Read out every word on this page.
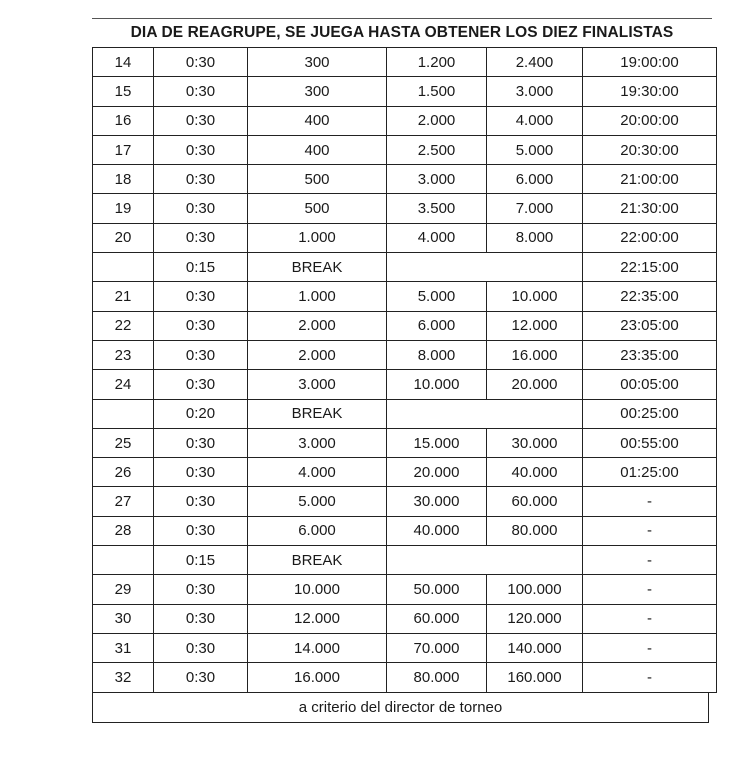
DIA DE REAGRUPE, SE JUEGA HASTA OBTENER LOS DIEZ FINALISTAS
14	0:30	300	1.200	2.400	19:00:00
15	0:30	300	1.500	3.000	19:30:00
16	0:30	400	2.000	4.000	20:00:00
17	0:30	400	2.500	5.000	20:30:00
18	0:30	500	3.000	6.000	21:00:00
19	0:30	500	3.500	7.000	21:30:00
20	0:30	1.000	4.000	8.000	22:00:00
	0:15	BREAK			22:15:00
21	0:30	1.000	5.000	10.000	22:35:00
22	0:30	2.000	6.000	12.000	23:05:00
23	0:30	2.000	8.000	16.000	23:35:00
24	0:30	3.000	10.000	20.000	00:05:00
	0:20	BREAK			00:25:00
25	0:30	3.000	15.000	30.000	00:55:00
26	0:30	4.000	20.000	40.000	01:25:00
27	0:30	5.000	30.000	60.000	-
28	0:30	6.000	40.000	80.000	-
	0:15	BREAK			-
29	0:30	10.000	50.000	100.000	-
30	0:30	12.000	60.000	120.000	-
31	0:30	14.000	70.000	140.000	-
32	0:30	16.000	80.000	160.000	-
a criterio del director de torneo
